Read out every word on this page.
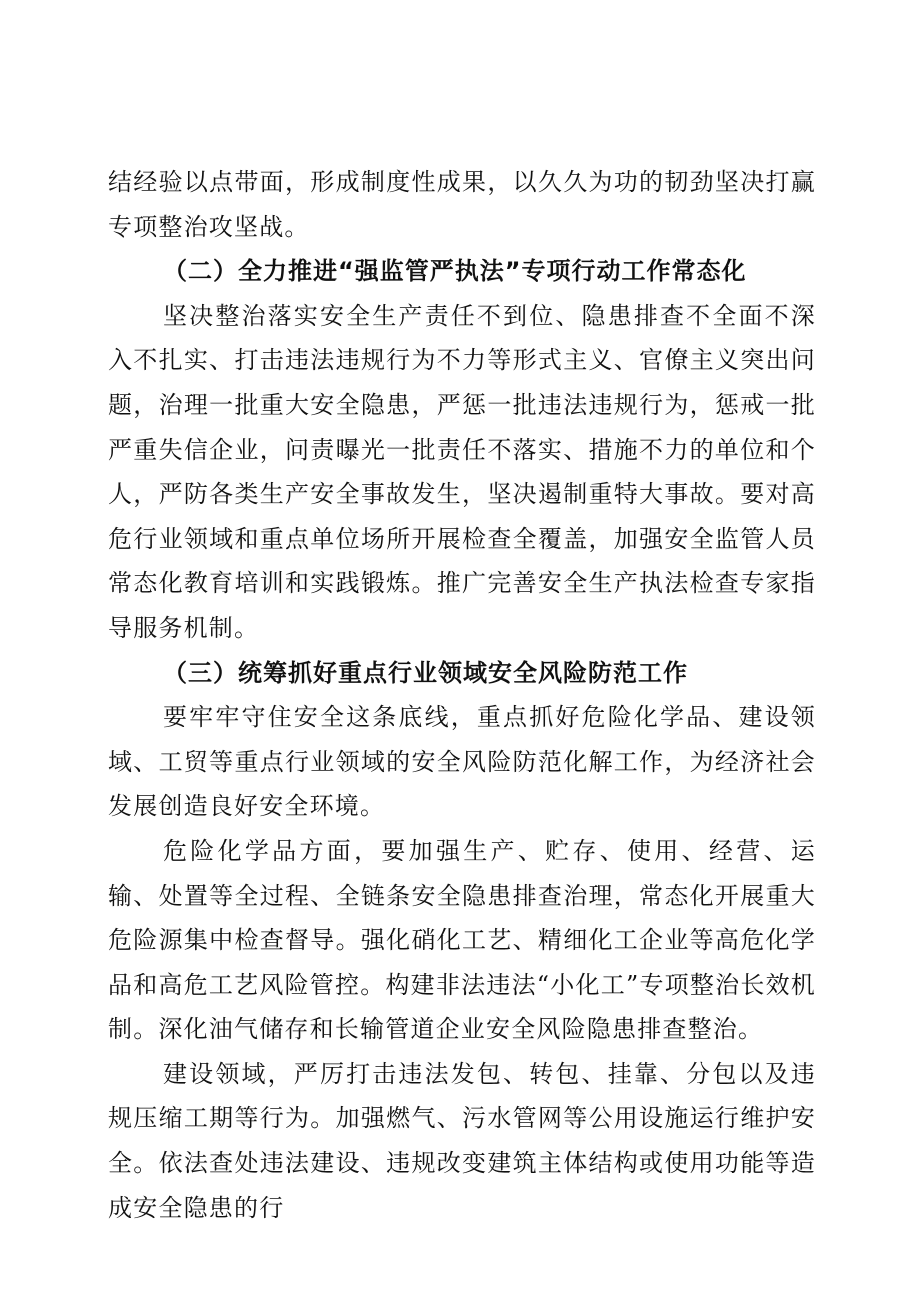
结经验以点带面，形成制度性成果，以久久为功的韧劲坚决打赢专项整治攻坚战。

（二）全力推进“强监管严执法”专项行动工作常态化

坚决整治落实安全生产责任不到位、隐患排查不全面不深入不扎实、打击违法违规行为不力等形式主义、官僚主义突出问题，治理一批重大安全隐患，严惩一批违法违规行为，惩戒一批严重失信企业，问责曝光一批责任不落实、措施不力的单位和个人，严防各类生产安全事故发生，坚决遏制重特大事故。要对高危行业领域和重点单位场所开展检查全覆盖，加强安全监管人员常态化教育培训和实践锻炼。推广完善安全生产执法检查专家指导服务机制。

（三）统筹抓好重点行业领域安全风险防范工作

要牢牢守住安全这条底线，重点抓好危险化学品、建设领域、工贸等重点行业领域的安全风险防范化解工作，为经济社会发展创造良好安全环境。

危险化学品方面，要加强生产、贮存、使用、经营、运输、处置等全过程、全链条安全隐患排查治理，常态化开展重大危险源集中检查督导。强化硝化工艺、精细化工企业等高危化学品和高危工艺风险管控。构建非法违法“小化工”专项整治长效机制。深化油气储存和长输管道企业安全风险隐患排查整治。

建设领域，严厉打击违法发包、转包、挂靠、分包以及违规压缩工期等行为。加强燃气、污水管网等公用设施运行维护安全。依法查处违法建设、违规改变建筑主体结构或使用功能等造成安全隐患的行
